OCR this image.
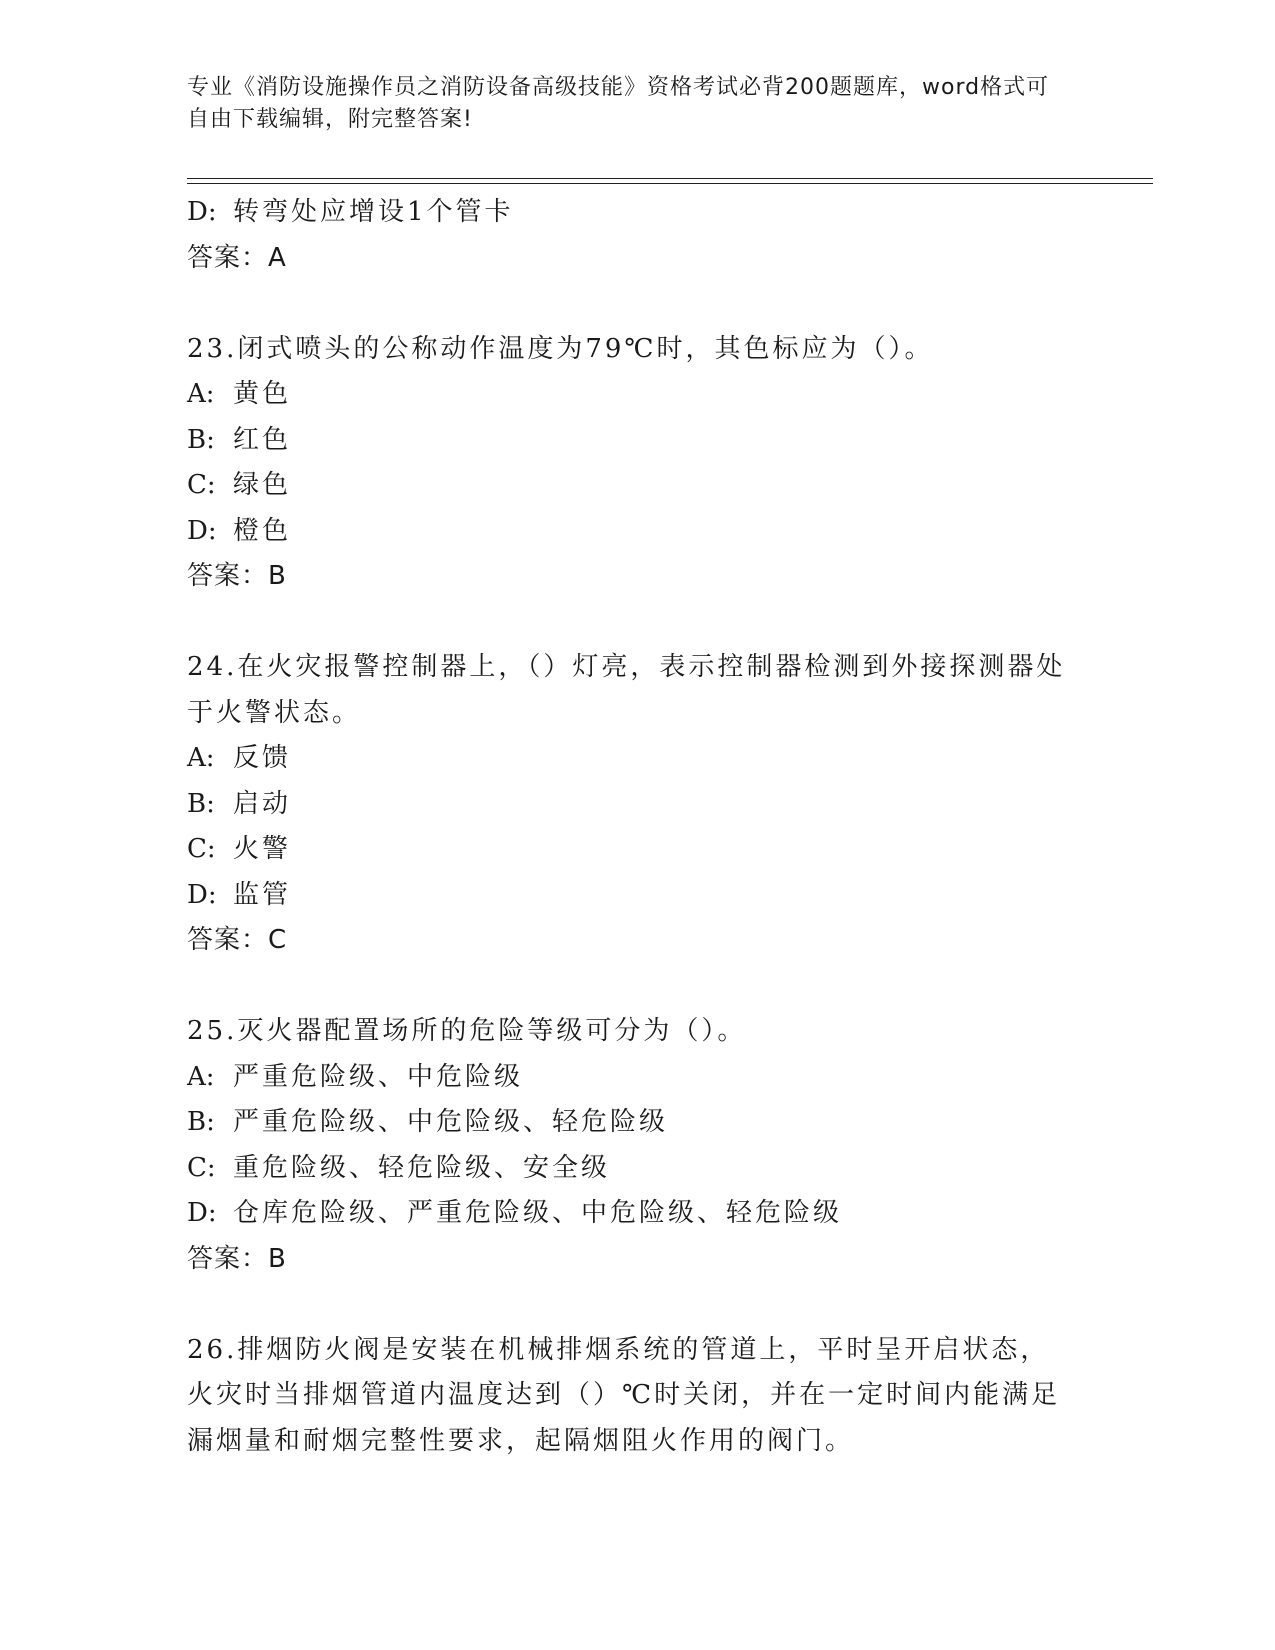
专业《消防设施操作员之消防设备高级技能》资格考试必背200题题库，word格式可自由下载编辑，附完整答案!
D: 转弯处应增设1个管卡
答案：A
23.闭式喷头的公称动作温度为79℃时，其色标应为（）。
A: 黄色
B: 红色
C: 绿色
D: 橙色
答案：B
24.在火灾报警控制器上，（）灯亮，表示控制器检测到外接探测器处于火警状态。
A: 反馈
B: 启动
C: 火警
D: 监管
答案：C
25.灭火器配置场所的危险等级可分为（）。
A: 严重危险级、中危险级
B: 严重危险级、中危险级、轻危险级
C: 重危险级、轻危险级、安全级
D: 仓库危险级、严重危险级、中危险级、轻危险级
答案：B
26.排烟防火阀是安装在机械排烟系统的管道上，平时呈开启状态，火灾时当排烟管道内温度达到（）℃时关闭，并在一定时间内能满足漏烟量和耐烟完整性要求，起隔烟阻火作用的阀门。
